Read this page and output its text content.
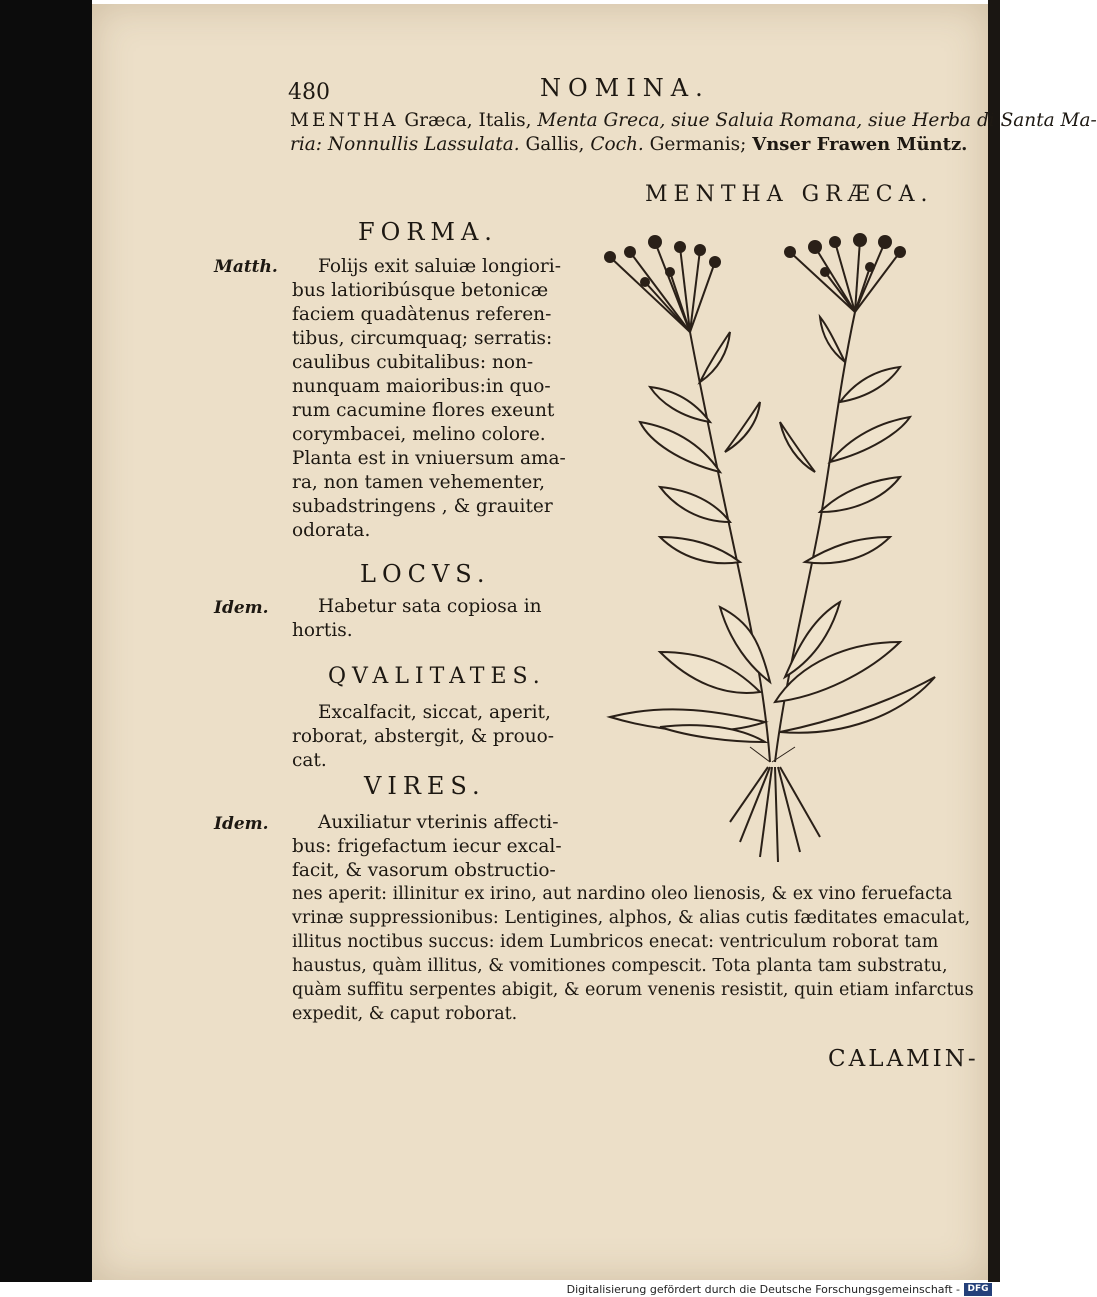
480	NOMINA.
MENTHA Græca, Italis, Menta Greca, siue Saluia Romana, siue Herba di Santa Ma-
ria: Nonnullis Lassulata. Gallis, Coch. Germanis; Vnser Frawen Müntz.
MENTHA GRÆCA.
FORMA.
Matth. Folijs exit saluiæ longiori-
bus latioribúsque betonicæ
faciem quadàtenus referen-
tibus, circumquaq; serratis:
caulibus cubitalibus: non-
nunquam maioribus:in quo-
rum cacumine flores exeunt
corymbacei, melino colore.
Planta est in vniuersum ama-
ra, non tamen vehementer,
subadstringens , & grauiter
odorata.
LOCVS.
Idem.	Habetur sata copiosa in
hortis.
QVALITATES.
Excalfacit, siccat, aperit,
roborat, abstergit, & prouo-
cat.
VIRES.
Idem.	Auxiliatur vterinis affecti-
bus: frigefactum iecur excal-
facit, & vasorum obstructio-
nes aperit: illinitur ex irino, aut nardino oleo lienosis, & ex vino feruefacta
vrinæ suppressionibus: Lentigines, alphos, & alias cutis fæditates emaculat,
illitus noctibus succus: idem Lumbricos enecat: ventriculum roborat tam
haustus, quàm illitus, & vomitiones compescit. Tota planta tam substratu,
quàm suffitu serpentes abigit, & eorum venenis resistit, quin etiam infarctus
expedit, & caput roborat.
CALAMIN-
Digitalisierung gefördert durch die Deutsche Forschungsgemeinschaft - DFG
